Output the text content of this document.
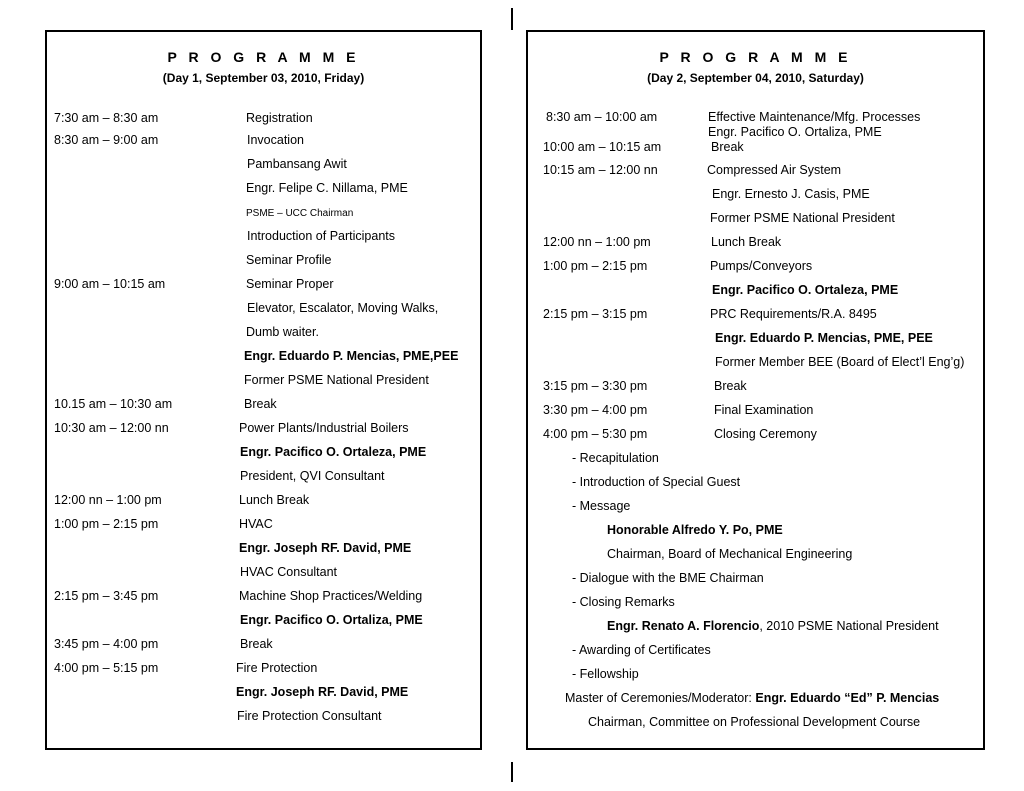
P R O G R A M M E
(Day 1, September 03, 2010, Friday)
7:30 am – 8:30 am	Registration
8:30 am – 9:00 am	Invocation
Pambansang Awit
Engr. Felipe C. Nillama, PME
PSME – UCC Chairman
Introduction of Participants
Seminar Profile
9:00 am – 10:15 am	Seminar Proper
Elevator, Escalator, Moving Walks,
Dumb waiter.
Engr. Eduardo P. Mencias, PME,PEE
Former PSME National President
10.15 am – 10:30 am	Break
10:30 am – 12:00 nn	Power Plants/Industrial Boilers
Engr. Pacifico O. Ortaleza, PME
President, QVI Consultant
12:00 nn – 1:00 pm	Lunch Break
1:00 pm – 2:15 pm	HVAC
Engr. Joseph RF. David, PME
HVAC Consultant
2:15 pm – 3:45 pm	Machine Shop Practices/Welding
Engr. Pacifico O. Ortaliza, PME
3:45 pm – 4:00 pm	Break
4:00 pm – 5:15 pm	Fire Protection
Engr. Joseph RF. David, PME
Fire Protection Consultant
P R O G R A M M E
(Day 2, September 04, 2010, Saturday)
8:30 am – 10:00 am	Effective Maintenance/Mfg. Processes
Engr. Pacifico O. Ortaliza, PME
10:00 am – 10:15 am	Break
10:15 am – 12:00 nn	Compressed Air System
Engr. Ernesto J. Casis, PME
Former PSME National President
12:00 nn – 1:00 pm	Lunch Break
1:00 pm – 2:15 pm	Pumps/Conveyors
Engr. Pacifico O. Ortaleza, PME
2:15 pm – 3:15 pm	PRC Requirements/R.A. 8495
Engr. Eduardo P. Mencias, PME, PEE
Former Member BEE (Board of Elect’l Eng’g)
3:15 pm – 3:30 pm	Break
3:30 pm – 4:00 pm	Final Examination
4:00 pm – 5:30 pm	Closing Ceremony
- Recapitulation
- Introduction of Special Guest
- Message
Honorable Alfredo Y. Po, PME
Chairman, Board of Mechanical Engineering
- Dialogue with the BME Chairman
- Closing Remarks
Engr. Renato A. Florencio, 2010 PSME National President
- Awarding of Certificates
- Fellowship
Master of Ceremonies/Moderator: Engr. Eduardo “Ed” P. Mencias
Chairman, Committee on Professional Development Course
